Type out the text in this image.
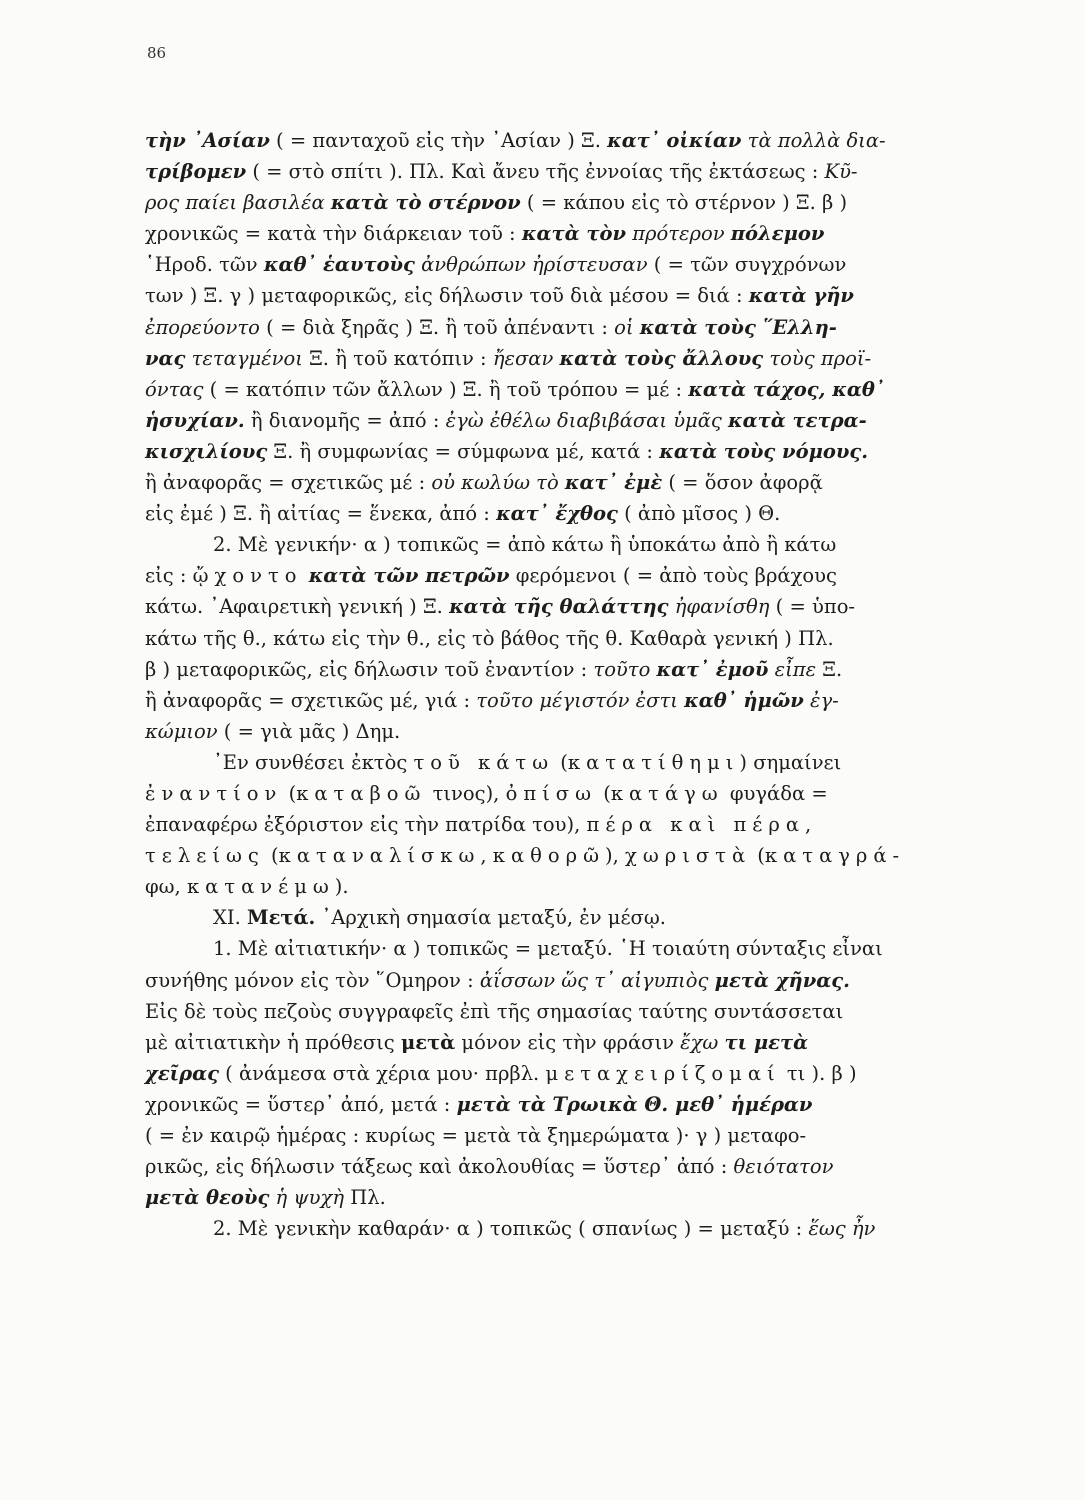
86
τὴν ᾿Ασίαν ( = πανταχοῦ εἰς τὴν ᾿Ασίαν ) Ξ. κατ᾿ οἰκίαν τὰ πολλὰ δια-
τρίβομεν ( = στὸ σπίτι ). Πλ. Καὶ ἄνευ τῆς ἐννοίας τῆς ἐκτάσεως : Κῦ-
ρος παίει βασιλέα κατὰ τὸ στέρνον ( = κάπου εἰς τὸ στέρνον ) Ξ. β )
χρονικῶς = κατὰ τὴν διάρκειαν τοῦ : κατὰ τὸν πρότερον πόλεμον
῾Ηροδ. τῶν καθ᾿ ἑαυτοὺς ἀνθρώπων ἠρίστευσαν ( = τῶν συγχρόνων
των ) Ξ. γ ) μεταφορικῶς, εἰς δήλωσιν τοῦ διὰ μέσου = διά : κατὰ γῆν
ἐπορεύοντο ( = διὰ ξηρᾶς ) Ξ. ἢ τοῦ ἀπέναντι : οἱ κατὰ τοὺς ῞Ελλη-
νας τεταγμένοι Ξ. ἢ τοῦ κατόπιν : ἤεσαν κατὰ τοὺς ἄλλους τοὺς προϊ-
όντας ( = κατόπιν τῶν ἄλλων ) Ξ. ἢ τοῦ τρόπου = μέ : κατὰ τάχος, καθ᾿
ἡσυχίαν. ἢ διανομῆς = ἀπό : ἐγὼ ἐθέλω διαβιβάσαι ὑμᾶς κατὰ τετρα-
κισχιλίους Ξ. ἢ συμφωνίας = σύμφωνα μέ, κατά : κατὰ τοὺς νόμους.
ἢ ἀναφορᾶς = σχετικῶς μέ : οὐ κωλύω τὸ κατ᾿ ἐμὲ ( = ὅσον ἀφορᾷ
εἰς ἐμέ ) Ξ. ἢ αἰτίας = ἕνεκα, ἀπό : κατ᾿ ἔχθος ( ἀπὸ μῖσος ) Θ.
2. Μὲ γενικήν· α ) τοπικῶς = ἀπὸ κάτω ἢ ὑποκάτω ἀπὸ ἢ κάτω
εἰς : ᾤχοντο κατὰ τῶν πετρῶν φερόμενοι ( = ἀπὸ τοὺς βράχους
κάτω. ᾿Αφαιρετικὴ γενική ) Ξ. κατὰ τῆς θαλάττης ἠφανίσθη ( = ὑπο-
κάτω τῆς θ., κάτω εἰς τὴν θ., εἰς τὸ βάθος τῆς θ. Καθαρὰ γενική ) Πλ.
β ) μεταφορικῶς, εἰς δήλωσιν τοῦ ἐναντίον : τοῦτο κατ᾿ ἐμοῦ εἶπε Ξ.
ἢ ἀναφορᾶς = σχετικῶς μέ, γιά : τοῦτο μέγιστόν ἐστι καθ᾿ ἡμῶν ἐγ-
κώμιον ( = γιὰ μᾶς ) Δημ.
᾿Εν συνθέσει ἐκτὸς τοῦ κάτω (κατατίθημι) σημαίνει
ἐναντίον (καταβοῶ τινος), ὀπίσω (κατάγω φυγάδα =
ἐπαναφέρω ἐξόριστον εἰς τὴν πατρίδα του), πέρα καὶ πέρα,
τελείως (καταναλίσκω, καθορῶ), χωριστὰ (καταγρά-
φω, κατανέμω).
XI. Μετά. ᾿Αρχικὴ σημασία μεταξύ, ἐν μέσῳ.
1. Μὲ αἰτιατικήν· α ) τοπικῶς = μεταξύ. ῾Η τοιαύτη σύνταξις εἶναι
συνήθης μόνον εἰς τὸν ῞Ομηρον : ἀΐσσων ὥς τ᾿ αἰγυπιὸς μετὰ χῆνας.
Εἰς δὲ τοὺς πεζοὺς συγγραφεῖς ἐπὶ τῆς σημασίας ταύτης συντάσσεται
μὲ αἰτιατικὴν ἡ πρόθεσις μετὰ μόνον εἰς τὴν φράσιν ἔχω τι μετὰ
χεῖρας ( ἀνάμεσα στὰ χέρια μου· πρβλ. μεταχειρίζομαί τι ). β )
χρονικῶς = ὕστερ᾿ ἀπό, μετά : μετὰ τὰ Τρωικὰ Θ. μεθ᾿ ἡμέραν
( = ἐν καιρῷ ἡμέρας : κυρίως = μετὰ τὰ ξημερώματα )· γ ) μεταφο-
ρικῶς, εἰς δήλωσιν τάξεως καὶ ἀκολουθίας = ὕστερ᾿ ἀπό : θειότατον
μετὰ θεοὺς ἡ ψυχὴ Πλ.
2. Μὲ γενικὴν καθαράν· α ) τοπικῶς ( σπανίως ) = μεταξύ : ἕως ἦν
